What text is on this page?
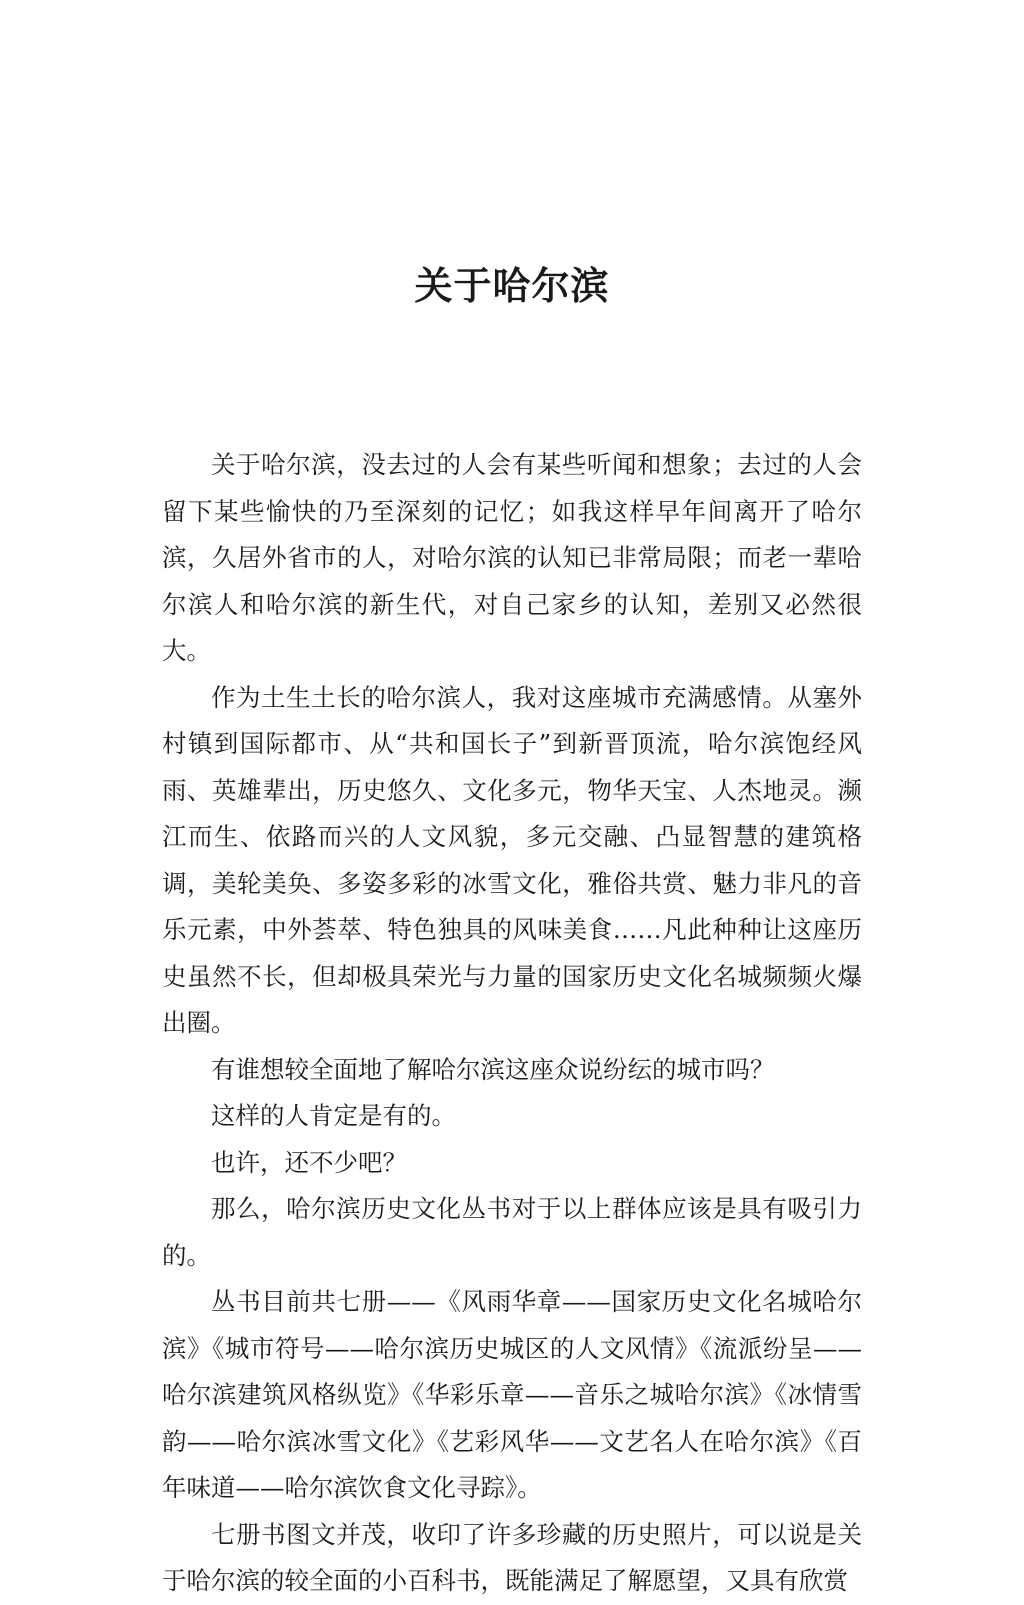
关于哈尔滨

关于哈尔滨，没去过的人会有某些听闻和想象；去过的人会留下某些愉快的乃至深刻的记忆；如我这样早年间离开了哈尔滨，久居外省市的人，对哈尔滨的认知已非常局限；而老一辈哈尔滨人和哈尔滨的新生代，对自己家乡的认知，差别又必然很大。

作为土生土长的哈尔滨人，我对这座城市充满感情。从塞外村镇到国际都市、从“共和国长子”到新晋顶流，哈尔滨饱经风雨、英雄辈出，历史悠久、文化多元，物华天宝、人杰地灵。濒江而生、依路而兴的人文风貌，多元交融、凸显智慧的建筑格调，美轮美奂、多姿多彩的冰雪文化，雅俗共赏、魅力非凡的音乐元素，中外荟萃、特色独具的风味美食……凡此种种让这座历史虽然不长，但却极具荣光与力量的国家历史文化名城频频火爆出圈。

有谁想较全面地了解哈尔滨这座众说纷纭的城市吗？

这样的人肯定是有的。

也许，还不少吧？

那么，哈尔滨历史文化丛书对于以上群体应该是具有吸引力的。

丛书目前共七册——《风雨华章——国家历史文化名城哈尔滨》《城市符号——哈尔滨历史城区的人文风情》《流派纷呈——哈尔滨建筑风格纵览》《华彩乐章——音乐之城哈尔滨》《冰情雪韵——哈尔滨冰雪文化》《艺彩风华——文艺名人在哈尔滨》《百年味道——哈尔滨饮食文化寻踪》。

七册书图文并茂，收印了许多珍藏的历史照片，可以说是关于哈尔滨的较全面的小百科书，既能满足了解愿望，又具有欣赏
